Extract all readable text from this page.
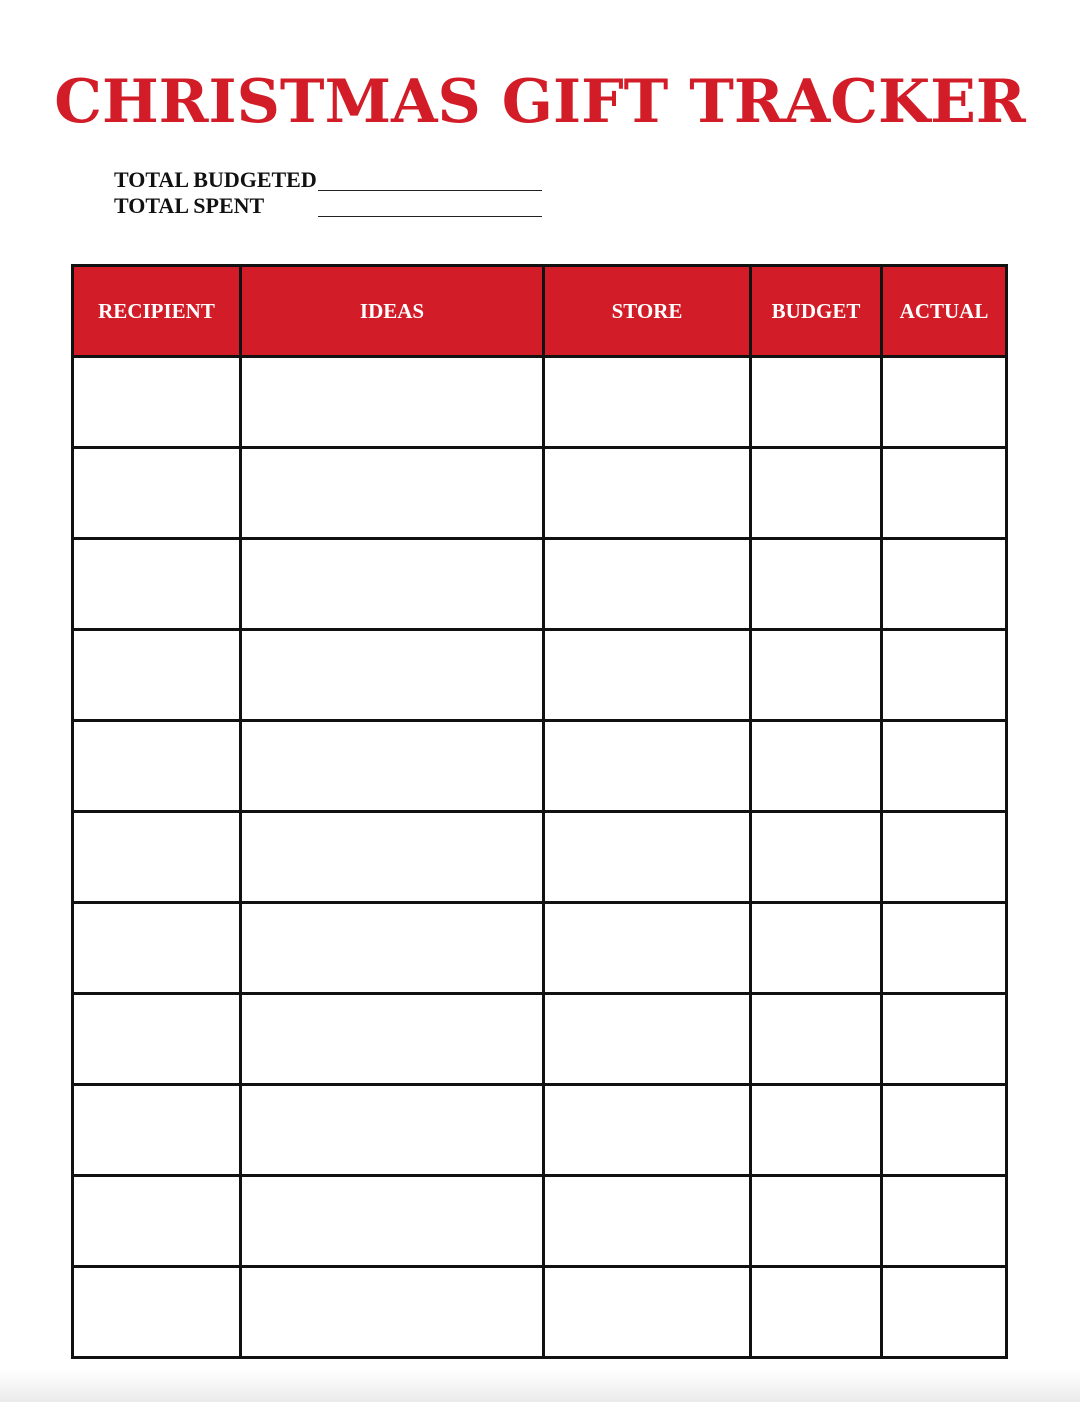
CHRISTMAS GIFT TRACKER
TOTAL BUDGETED
TOTAL SPENT
RECIPIENT	IDEAS	STORE	BUDGET	ACTUAL
